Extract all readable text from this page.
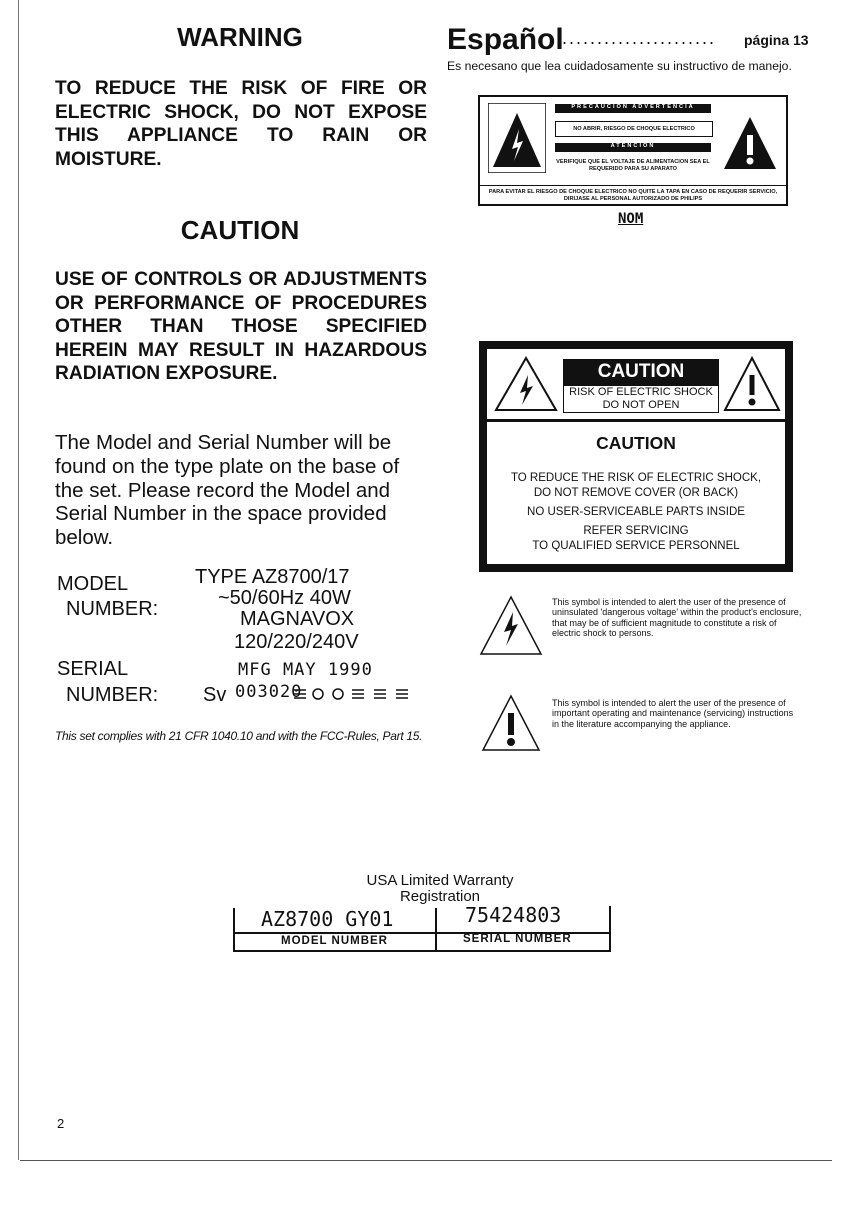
WARNING
TO REDUCE THE RISK OF FIRE OR ELECTRIC SHOCK, DO NOT EXPOSE THIS APPLIANCE TO RAIN OR MOISTURE.
CAUTION
USE OF CONTROLS OR ADJUSTMENTS OR PERFORMANCE OF PROCEDURES OTHER THAN THOSE SPECIFIED HEREIN MAY RESULT IN HAZARDOUS RADIATION EXPOSURE.
The Model and Serial Number will be found on the type plate on the base of the set. Please record the Model and Serial Number in the space provided below.
MODEL
NUMBER:
TYPE AZ8700/17
~50/60Hz 40W
MAGNAVOX
120/220/240V
SERIAL
NUMBER:
MFG MAY 1990
Sv 003020
This set complies with 21 CFR 1040.10 and with the FCC-Rules, Part 15.
Español
...................... página 13
Es necesano que lea cuidadosamente su instructivo de manejo.
PRECAUCION ADVERTENCIA
NO ABRIR, RIESGO DE CHOQUE ELECTRICO
ATENCION
VERIFIQUE QUE EL VOLTAJE DE ALIMENTACION SEA EL REQUERIDO PARA SU APARATO
PARA EVITAR EL RIESGO DE CHOQUE ELECTRICO NO QUITE LA TAPA EN CASO DE REQUERIR SERVICIO, DIRIJASE AL PERSONAL AUTORIZADO DE PHILIPS
NOM
CAUTION
RISK OF ELECTRIC SHOCK
DO NOT OPEN
CAUTION
TO REDUCE THE RISK OF ELECTRIC SHOCK,
DO NOT REMOVE COVER (OR BACK)
NO USER-SERVICEABLE PARTS INSIDE
REFER SERVICING
TO QUALIFIED SERVICE PERSONNEL
This symbol is intended to alert the user of the presence of uninsulated 'dangerous voltage' within the product's enclosure, that may be of sufficient magnitude to constitute a risk of electric shock to persons.
This symbol is intended to alert the user of the presence of important operating and maintenance (servicing) instructions in the literature accompanying the appliance.
USA Limited Warranty
Registration
AZ8700 GY01	75424803
MODEL NUMBER	SERIAL NUMBER
2
